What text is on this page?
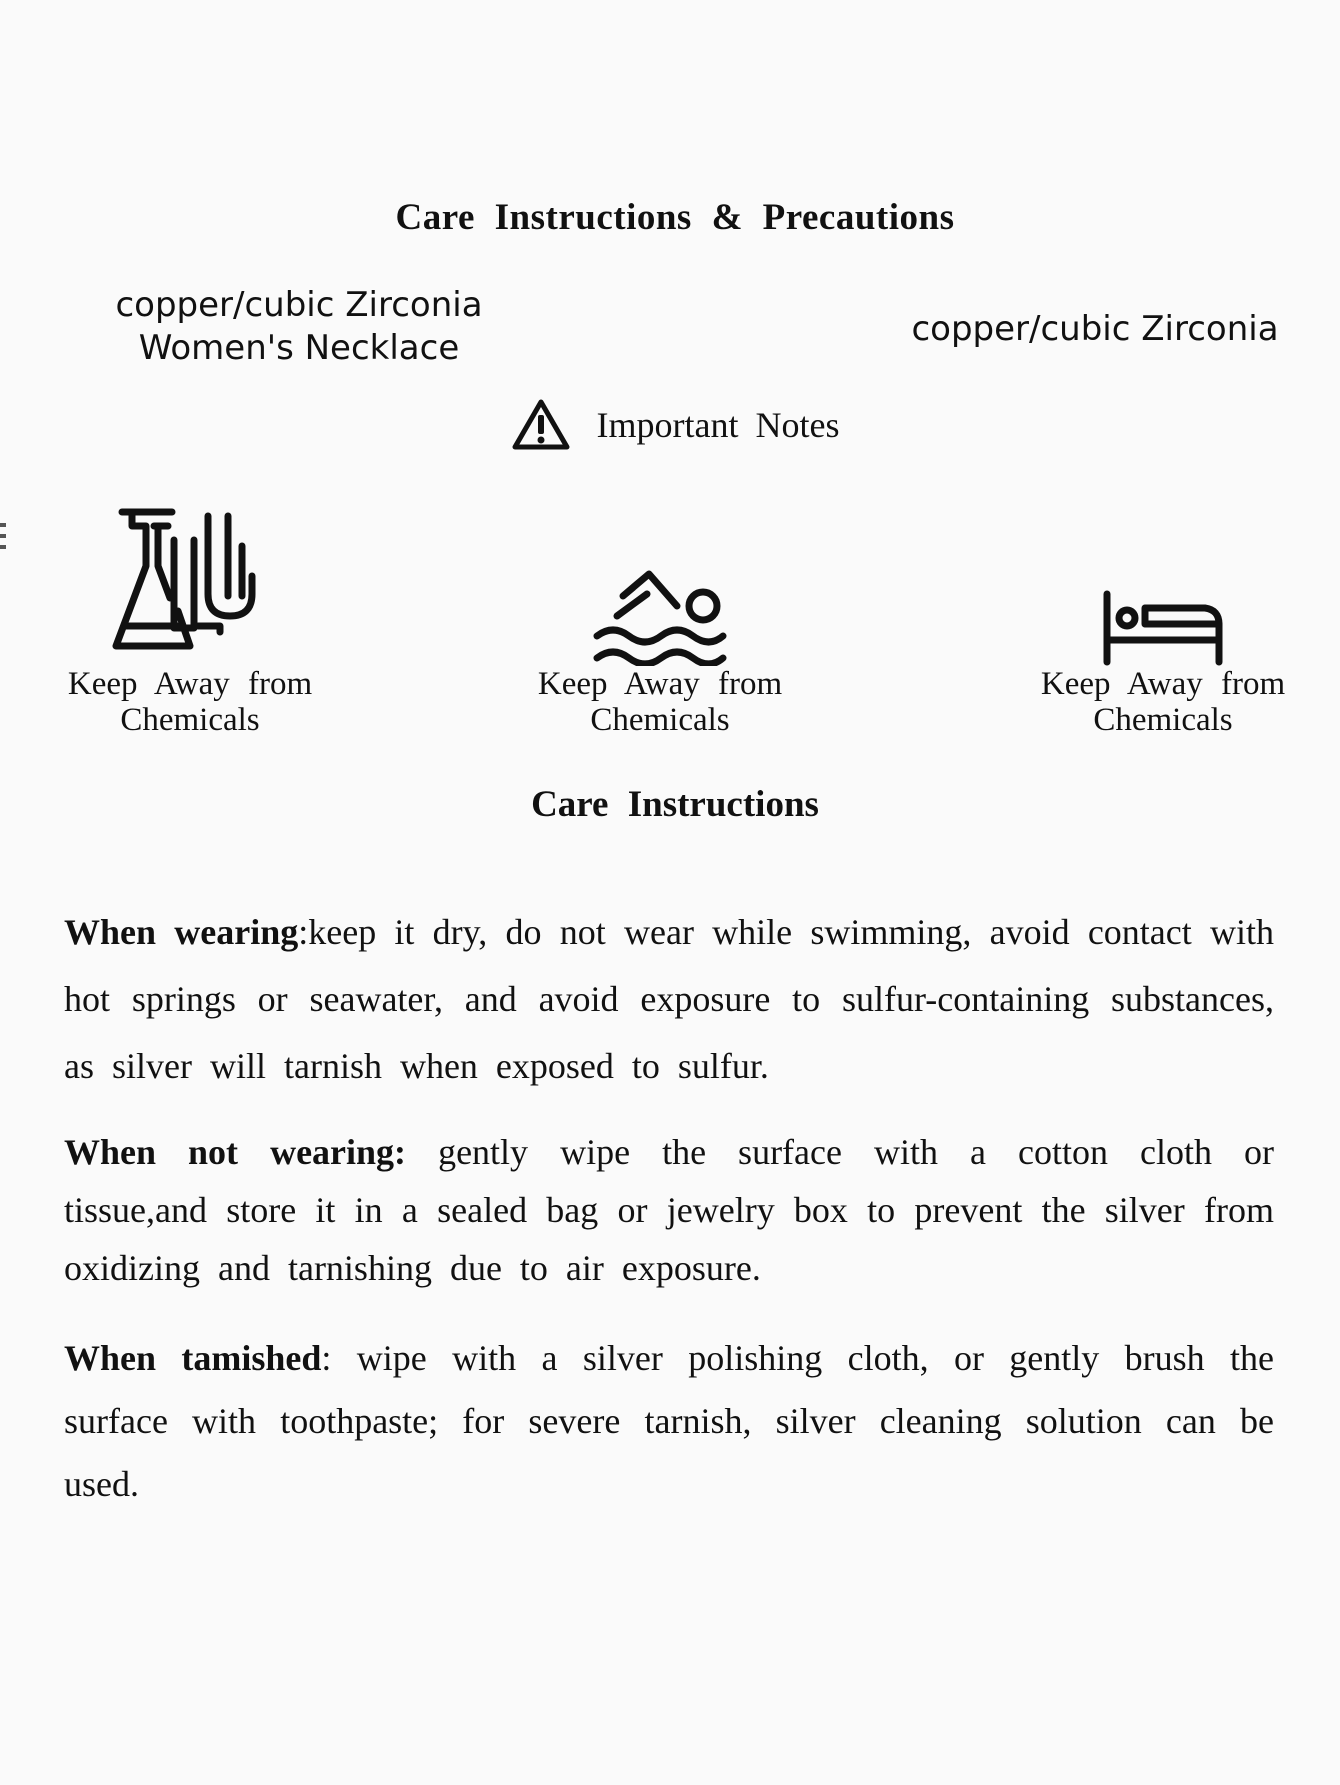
Care Instructions & Precautions
copper/cubic Zirconia
Women's Necklace	copper/cubic Zirconia
Important Notes
Keep Away from
Chemicals
Keep Away from
Chemicals
Keep Away from
Chemicals
Care Instructions
When wearing:keep it dry, do not wear while swimming, avoid contact with hot springs or seawater, and avoid exposure to sulfur-containing substances, as silver will tarnish when exposed to sulfur.
When not wearing: gently wipe the surface with a cotton cloth or tissue,and store it in a sealed bag or jewelry box to prevent the silver from oxidizing and tarnishing due to air exposure.
When tamished: wipe with a silver polishing cloth, or gently brush the surface with toothpaste; for severe tarnish, silver cleaning solution can be used.
